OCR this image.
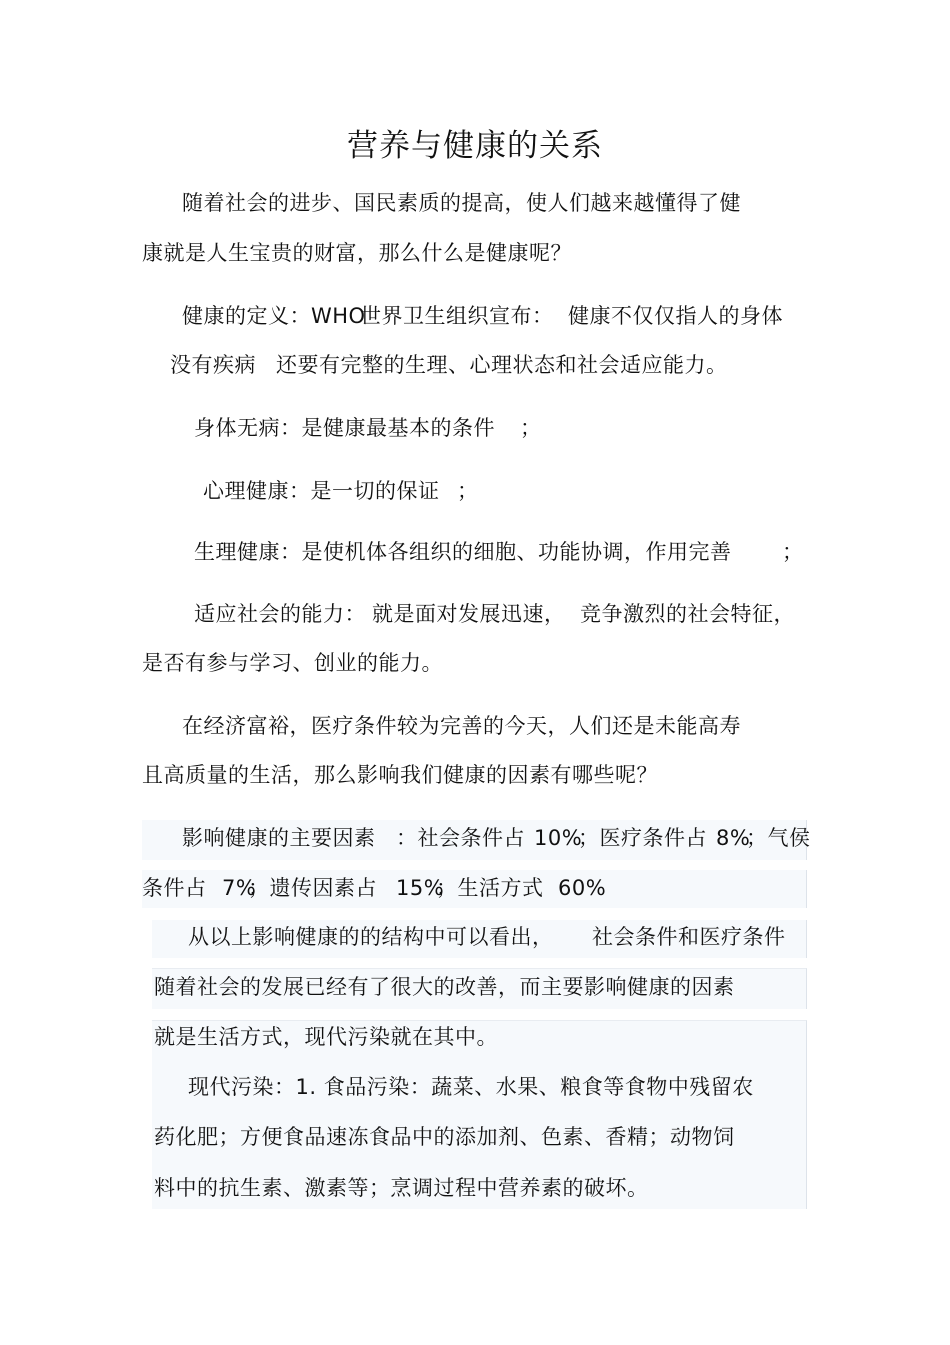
营养与健康的关系
随着社会的进步、国民素质的提高，使人们越来越懂得了健
康就是人生宝贵的财富，那么什么是健康呢？
健康的定义：WHO
世界卫生组织宣布： 健康不仅仅指人的身体
没有疾病 还要有完整的生理、心理状态和社会适应能力。
身体无病：是健康最基本的条件 ；
心理健康：是一切的保证 ；
生理健康：是使机体各组织的细胞、功能协调，作用完善 ；
适应社会的能力： 就是面对发展迅速， 竞争激烈的社会特征，
是否有参与学习、创业的能力。
在经济富裕，医疗条件较为完善的今天，人们还是未能高寿
且高质量的生活，那么影响我们健康的因素有哪些呢？
影响健康的主要因素 ：社会条件占 10%
；医疗条件占 8%
；气侯
条件占 7%
；遗传因素占 15%
；生活方式 60%
从以上影响健康的的结构中可以看出， 社会条件和医疗条件
随着社会的发展已经有了很大的改善，而主要影响健康的因素
就是生活方式，现代污染就在其中。
现代污染：1. 食品污染：蔬菜、水果、粮食等食物中残留农
药化肥；方便食品速冻食品中的添加剂、色素、香精；动物饲
料中的抗生素、激素等；烹调过程中营养素的破坏。
